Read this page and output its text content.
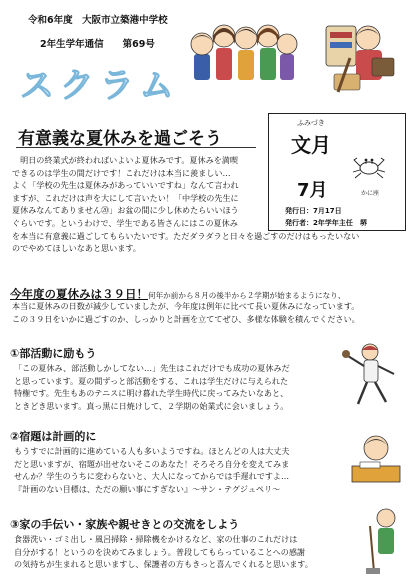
令和6年度　大阪市立築港中学校
2年生学年通信　　第69号
スクラム
有意義な夏休みを過ごそう
ふみづき
文月
7月	かに座
発行日：7月17日
発行者：2年学年主任　 堺
　明日の終業式が終わればいよいよ夏休みです。夏休みを満喫
できるのは学生の間だけです！これだけは本当に羨ましい…
よく「学校の先生は夏休みがあっていいですね」なんて言われ
ますが、これだけは声を大にして言いたい！「中学校の先生に
夏休みなんてありません⑳」お盆の間に少し休めたらいいほう
ぐらいです。というわけで、学生である皆さんにはこの夏休み
を本当に有意義に過ごしてもらいたいです。ただダラダラと日々を過ごすのだけはもったいない
のでやめてほしいなあと思います。
今年度の夏休みは３９日！何年か前から８月の後半から２学期が始まるようになり、
本当に夏休みの日数が減少していましたが、今年度は例年に比べて長い夏休みになっています。
この３９日をいかに過ごすのか、しっかりと計画を立ててぜひ、多様な体験を積んでください。
①部活動に励もう
「この夏休み、部活動しかしてない…」先生はこれだけでも成功の夏休みだ
と思っています。夏の間ずっと部活動をする、これは学生だけに与えられた
特権です。先生もあのテニスに明け暮れた学生時代に戻ってみたいなあと、
ときどき思います。真っ黒に日焼けして、２学期の始業式に会いましょう。
②宿題は計画的に
もうすでに計画的に進めている人も多いようですね。ほとんどの人は大丈夫
だと思いますが、宿題が出せないそこのあなた！そろそろ自分を変えてみま
せんか？学生のうちに変わらないと、大人になってからでは手遅れですよ…
『計画のない目標は、ただの願い事にすぎない』～サン・テグジュペリ～
③家の手伝い・家族や親せきとの交流をしよう
食器洗い・ゴミ出し・風呂掃除・掃除機をかけるなど、家の仕事のこれだけは
自分がする！というのを決めてみましょう。普段してもらっていることへの感謝
の気持ちが生まれると思いますし、保護者の方もきっと喜んでくれると思います。
